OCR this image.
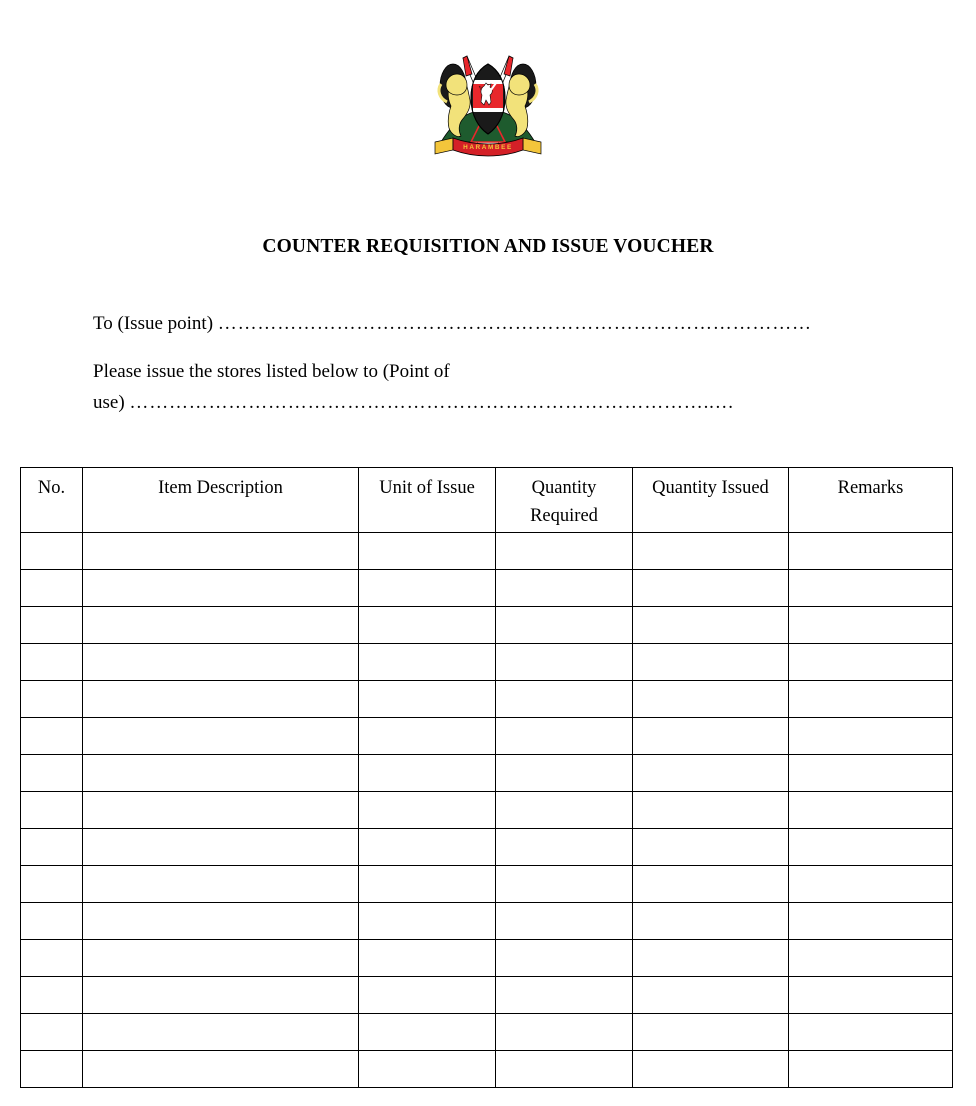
HARAMBEE
COUNTER REQUISITION AND ISSUE VOUCHER
To (Issue point) ………………………………………………………………………………
Please issue the stores listed below to (Point of
use) ……………………………………………………………………………..…
No.	Item Description	Unit of Issue	Quantity Required	Quantity Issued	Remarks
